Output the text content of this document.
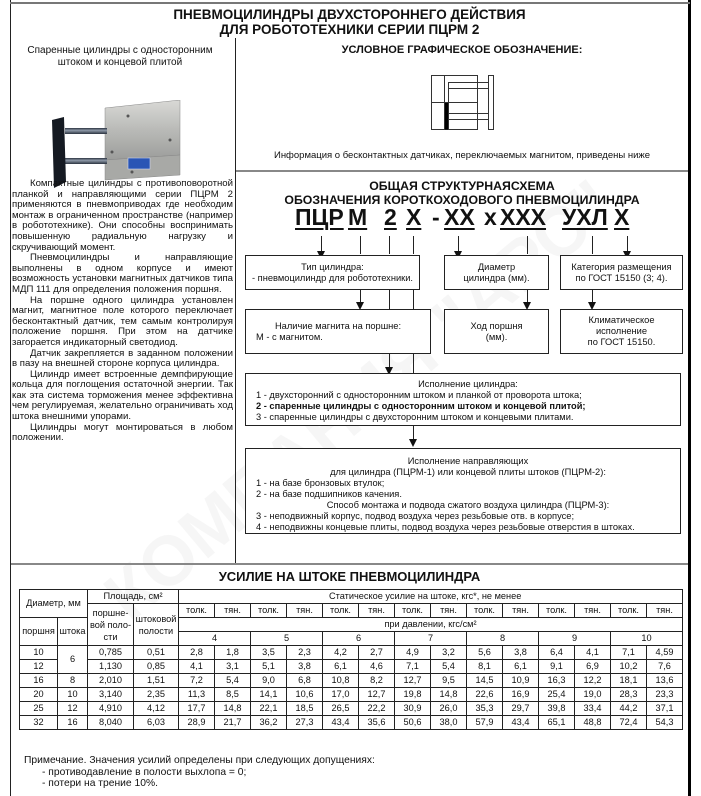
ПНЕВМОЦИЛИНДРЫ ДВУХСТОРОННЕГО ДЕЙСТВИЯ
ДЛЯ РОБОТОТЕХНИКИ СЕРИИ ПЦРМ 2
Спаренные цилиндры с односторонним
штоком и концевой плитой

Компактные цилиндры с противоповоротной планкой и направляющими серии ПЦРМ 2 применяются в пневмоприводах где необходим монтаж в ограниченном пространстве (например в робототехнике). Они способны воспринимать повышенную радиальную нагрузку и скручивающий момент.

Пневмоцилиндры и направляющие выполнены в одном корпусе и имеют возможность установки магнитных датчиков типа МДП 111 для определения положения поршня.

На поршне одного цилиндра установлен магнит, магнитное поле которого переключает бесконтактный датчик, тем самым контролируя положение поршня. При этом на датчике загорается индикаторный светодиод.

Датчик закрепляется в заданном положении в пазу на внешней стороне корпуса цилиндра.

Цилиндр имеет встроенные демпфирующие кольца для поглощения остаточной энергии. Так как эта система торможения менее эффективна чем регулируемая, желательно ограничивать ход штока внешними упорами.

Цилиндры могут монтироваться в любом положении.

УСЛОВНОЕ ГРАФИЧЕСКОЕ ОБОЗНАЧЕНИЕ:
Информация о бесконтактных датчиках, переключаемых магнитом, приведены ниже
ОБЩАЯ СТРУКТУРНАЯСХЕМА
ОБОЗНАЧЕНИЯ КОРОТКОХОДОВОГО ПНЕВМОЦИЛИНДРА
ПЦР М 2 Х - ХХ х ХХХ УХЛ Х
Тип цилиндра:
- пневмоцилиндр для робототехники.
Диаметр
цилиндра (мм).
Категория размещения
по ГОСТ 15150 (3; 4).
Наличие магнита на поршне:
М - с магнитом.
Ход поршня
(мм).
Климатическое
исполнение
по ГОСТ 15150.
Исполнение цилиндра:
1 - двухсторонний с односторонним штоком и планкой от проворота штока;
2 - спаренные цилиндры с односторонним штоком и концевой плитой;
3 - спаренные цилиндры с двухсторонним штоком и концевыми плитами.
Исполнение направляющих
для цилиндра (ПЦРМ-1) или концевой плиты штоков (ПЦРМ-2):
1 - на базе бронзовых втулок;
2 - на базе подшипников качения.
Способ монтажа и подвода сжатого воздуха цилиндра (ПЦРМ-3):
3 - неподвижный корпус, подвод воздуха через резьбовые отв. в корпусе;
4 - неподвижны концевые плиты, подвод воздуха через резьбовые отверстия в штоках.
УСИЛИЕ НА ШТОКЕ ПНЕВМОЦИЛИНДРА
Диаметр, мм		Площадь, см²		Статическое усилие на штоке, кгс*, не менее													
		поршне-вой поло-сти	штоковой полости	толк.	тян.	толк.	тян.	толк.	тян.	толк.	тян.	толк.	тян.	толк.	тян.	толк.	тян.
поршня	штока			при давлении, кгс/см²													
				4		5		6		7		8		9		10	
10	6	0,785	0,51	2,8	1,8	3,5	2,3	4,2	2,7	4,9	3,2	5,6	3,8	6,4	4,1	7,1	4,59
12		1,130	0,85	4,1	3,1	5,1	3,8	6,1	4,6	7,1	5,4	8,1	6,1	9,1	6,9	10,2	7,6
16	8	2,010	1,51	7,2	5,4	9,0	6,8	10,8	8,2	12,7	9,5	14,5	10,9	16,3	12,2	18,1	13,6
20	10	3,140	2,35	11,3	8,5	14,1	10,6	17,0	12,7	19,8	14,8	22,6	16,9	25,4	19,0	28,3	23,3
25	12	4,910	4,12	17,7	14,8	22,1	18,5	26,5	22,2	30,9	26,0	35,3	29,7	39,8	33,4	44,2	37,1
32	16	8,040	6,03	28,9	21,7	36,2	27,3	43,4	35,6	50,6	38,0	57,9	43,4	65,1	48,8	72,4	54,3
Примечание. Значения усилий определены при следующих допущениях:
- противодавление в полости выхлопа = 0;
- потери на трение 10%.
